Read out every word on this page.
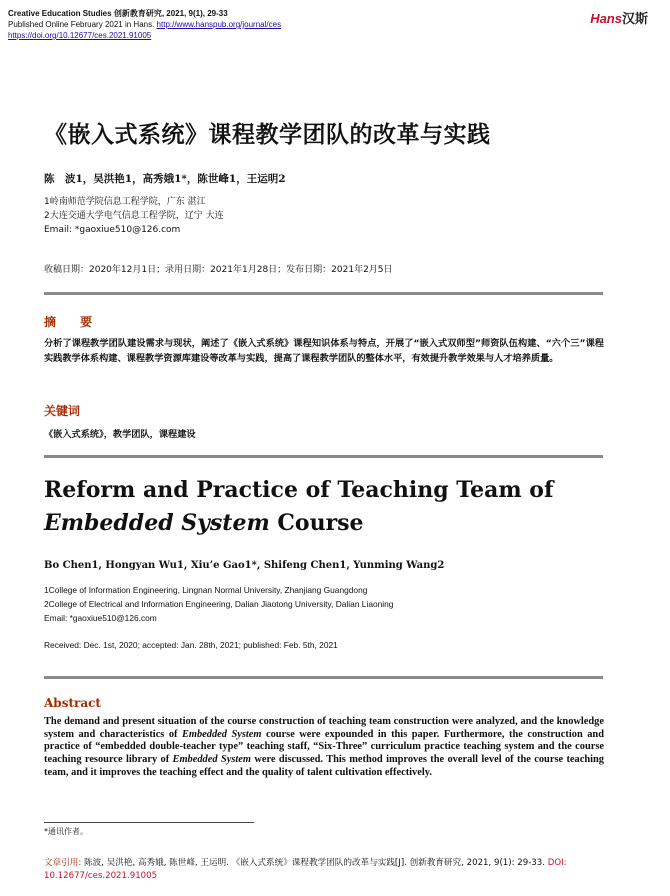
Creative Education Studies 创新教育研究, 2021, 9(1), 29-33
Published Online February 2021 in Hans. http://www.hanspub.org/journal/ces
https://doi.org/10.12677/ces.2021.91005
Hans汉斯
《嵌入式系统》课程教学团队的改革与实践
陈　波1，吴洪艳1，高秀娥1*，陈世峰1，王运明2
1岭南师范学院信息工程学院，广东 湛江
2大连交通大学电气信息工程学院，辽宁 大连
Email: *gaoxiue510@126.com
收稿日期：2020年12月1日；录用日期：2021年1月28日；发布日期：2021年2月5日
摘　要
分析了课程教学团队建设需求与现状，阐述了《嵌入式系统》课程知识体系与特点，开展了“嵌入式双师型”师资队伍构建、“六个三”课程实践教学体系构建、课程教学资源库建设等改革与实践，提高了课程教学团队的整体水平，有效提升教学效果与人才培养质量。
关键词
《嵌入式系统》，教学团队，课程建设
Reform and Practice of Teaching Team of Embedded System Course
Bo Chen1, Hongyan Wu1, Xiu’e Gao1*, Shifeng Chen1, Yunming Wang2
1College of Information Engineering, Lingnan Normal University, Zhanjiang Guangdong
2College of Electrical and Information Engineering, Dalian Jiaotong University, Dalian Liaoning
Email: *gaoxiue510@126.com
Received: Dec. 1st, 2020; accepted: Jan. 28th, 2021; published: Feb. 5th, 2021
Abstract
The demand and present situation of the course construction of teaching team construction were analyzed, and the knowledge system and characteristics of Embedded System course were expounded in this paper. Furthermore, the construction and practice of “embedded double-teacher type” teaching staff, “Six-Three” curriculum practice teaching system and the course teaching resource library of Embedded System were discussed. This method improves the overall level of the course teaching team, and it improves the teaching effect and the quality of talent cultivation effectively.
*通讯作者。
文章引用: 陈波, 吴洪艳, 高秀娥, 陈世峰, 王运明. 《嵌入式系统》课程教学团队的改革与实践[J]. 创新教育研究, 2021, 9(1): 29-33. DOI: 10.12677/ces.2021.91005
